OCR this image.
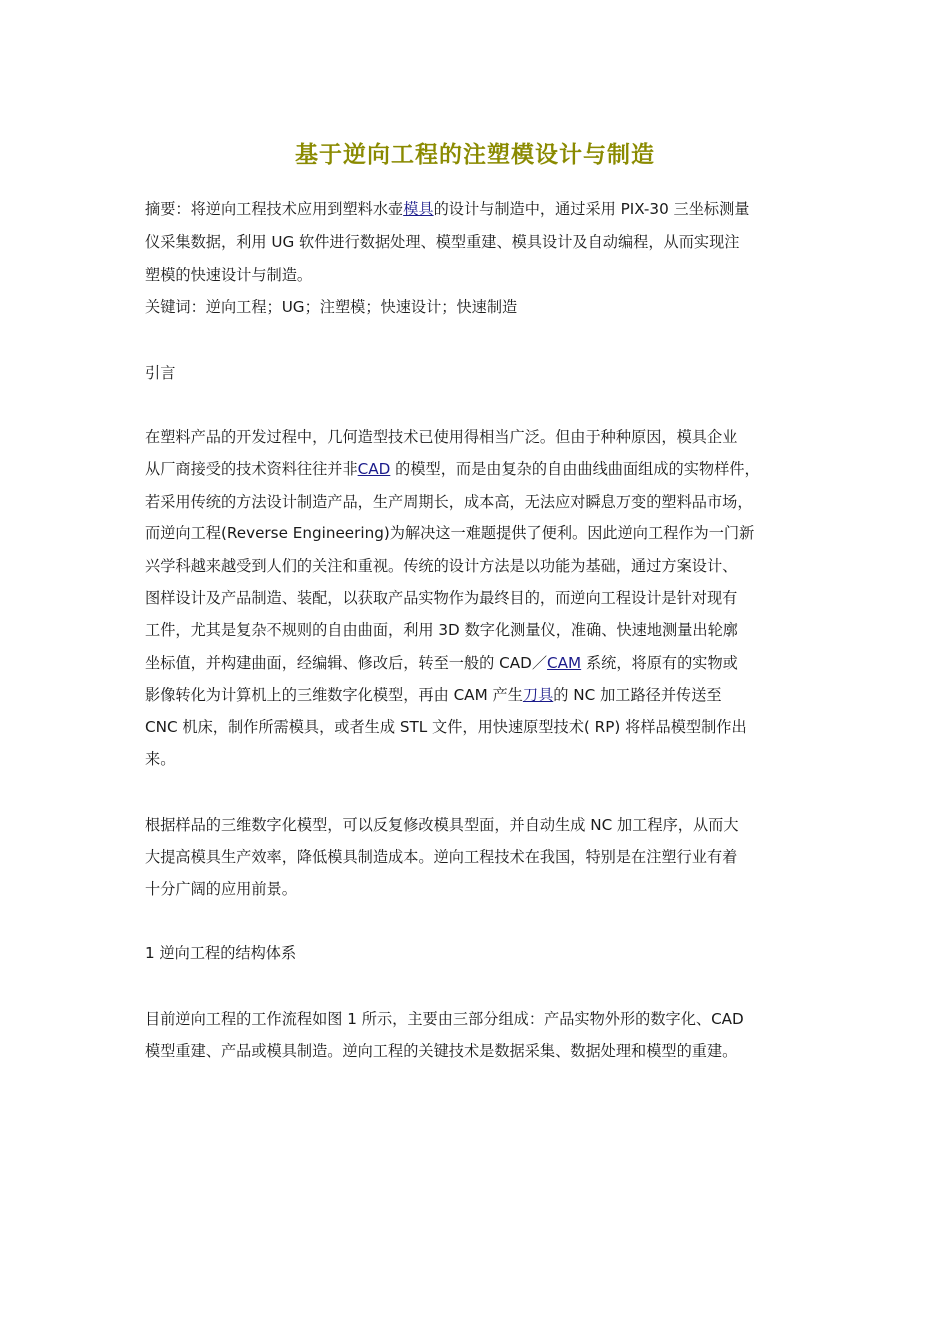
基于逆向工程的注塑模设计与制造
摘要：将逆向工程技术应用到塑料水壶模具的设计与制造中，通过采用 PIX-30 三坐标测量
仪采集数据，利用 UG 软件进行数据处理、模型重建、模具设计及自动编程，从而实现注
塑模的快速设计与制造。
关键词：逆向工程；UG；注塑模；快速设计；快速制造
引言
在塑料产品的开发过程中，几何造型技术已使用得相当广泛。但由于种种原因，模具企业
从厂商接受的技术资料往往并非CAD 的模型，而是由复杂的自由曲线曲面组成的实物样件，
若采用传统的方法设计制造产品，生产周期长，成本高，无法应对瞬息万变的塑料品市场，
而逆向工程(Reverse Engineering)为解决这一难题提供了便利。因此逆向工程作为一门新
兴学科越来越受到人们的关注和重视。传统的设计方法是以功能为基础，通过方案设计、
图样设计及产品制造、装配，以获取产品实物作为最终目的，而逆向工程设计是针对现有
工件，尤其是复杂不规则的自由曲面，利用 3D 数字化测量仪，准确、快速地测量出轮廓
坐标值，并构建曲面，经编辑、修改后，转至一般的 CAD／CAM 系统，将原有的实物或
影像转化为计算机上的三维数字化模型，再由 CAM 产生刀具的 NC 加工路径并传送至
CNC 机床，制作所需模具，或者生成 STL 文件，用快速原型技术( RP) 将样品模型制作出
来。
根据样品的三维数字化模型，可以反复修改模具型面，并自动生成 NC 加工程序，从而大
大提高模具生产效率，降低模具制造成本。逆向工程技术在我国，特别是在注塑行业有着
十分广阔的应用前景。
1 逆向工程的结构体系
目前逆向工程的工作流程如图 1 所示，主要由三部分组成：产品实物外形的数字化、CAD
模型重建、产品或模具制造。逆向工程的关键技术是数据采集、数据处理和模型的重建。
